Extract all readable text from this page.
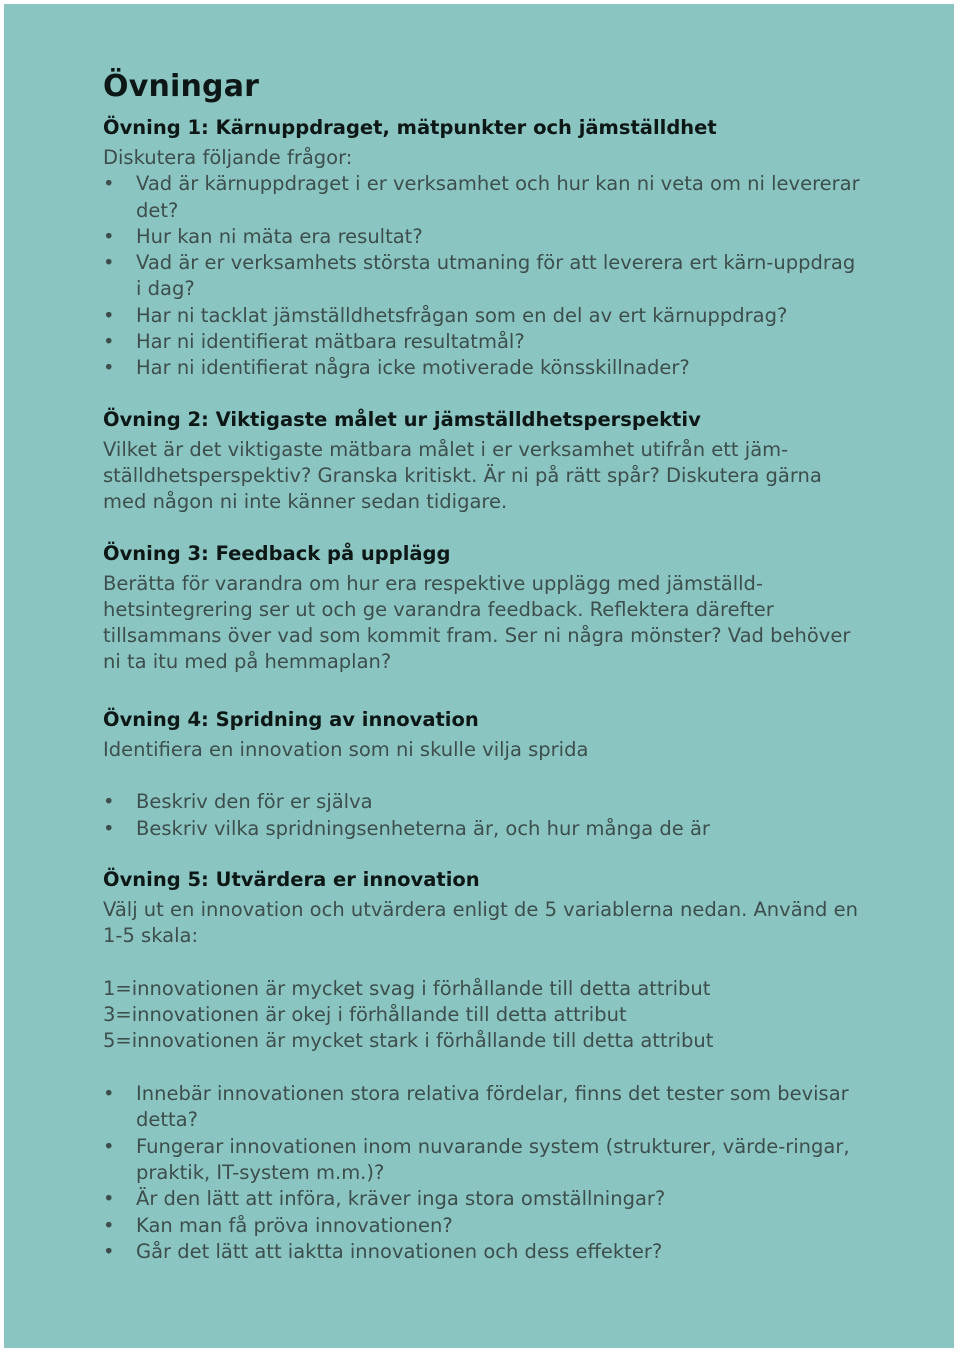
Övningar
Övning 1: Kärnuppdraget, mätpunkter och jämställdhet

Diskutera följande frågor:

• Vad är kärnuppdraget i er verksamhet och hur kan ni veta om ni levererar det?
• Hur kan ni mäta era resultat?
• Vad är er verksamhets största utmaning för att leverera ert kärn-uppdrag i dag?
• Har ni tacklat jämställdhetsfrågan som en del av ert kärnuppdrag?
• Har ni identifierat mätbara resultatmål?
• Har ni identifierat några icke motiverade könsskillnader?
Övning 2: Viktigaste målet ur jämställdhetsperspektiv

Vilket är det viktigaste mätbara målet i er verksamhet utifrån ett jäm-ställdhetsperspektiv? Granska kritiskt. Är ni på rätt spår? Diskutera gärna med någon ni inte känner sedan tidigare.

Övning 3: Feedback på upplägg

Berätta för varandra om hur era respektive upplägg med jämställd-hetsintegrering ser ut och ge varandra feedback. Reflektera därefter tillsammans över vad som kommit fram. Ser ni några mönster? Vad behöver ni ta itu med på hemmaplan?

Övning 4: Spridning av innovation

Identifiera en innovation som ni skulle vilja sprida

• Beskriv den för er själva
• Beskriv vilka spridningsenheterna är, och hur många de är
Övning 5: Utvärdera er innovation

Välj ut en innovation och utvärdera enligt de 5 variablerna nedan. Använd en 1-5 skala:

1=innovationen är mycket svag i förhållande till detta attribut

3=innovationen är okej i förhållande till detta attribut

5=innovationen är mycket stark i förhållande till detta attribut

• Innebär innovationen stora relativa fördelar, finns det tester som bevisar detta?
• Fungerar innovationen inom nuvarande system (strukturer, värde-ringar, praktik, IT-system m.m.)?
• Är den lätt att införa, kräver inga stora omställningar?
• Kan man få pröva innovationen?
• Går det lätt att iaktta innovationen och dess effekter?
